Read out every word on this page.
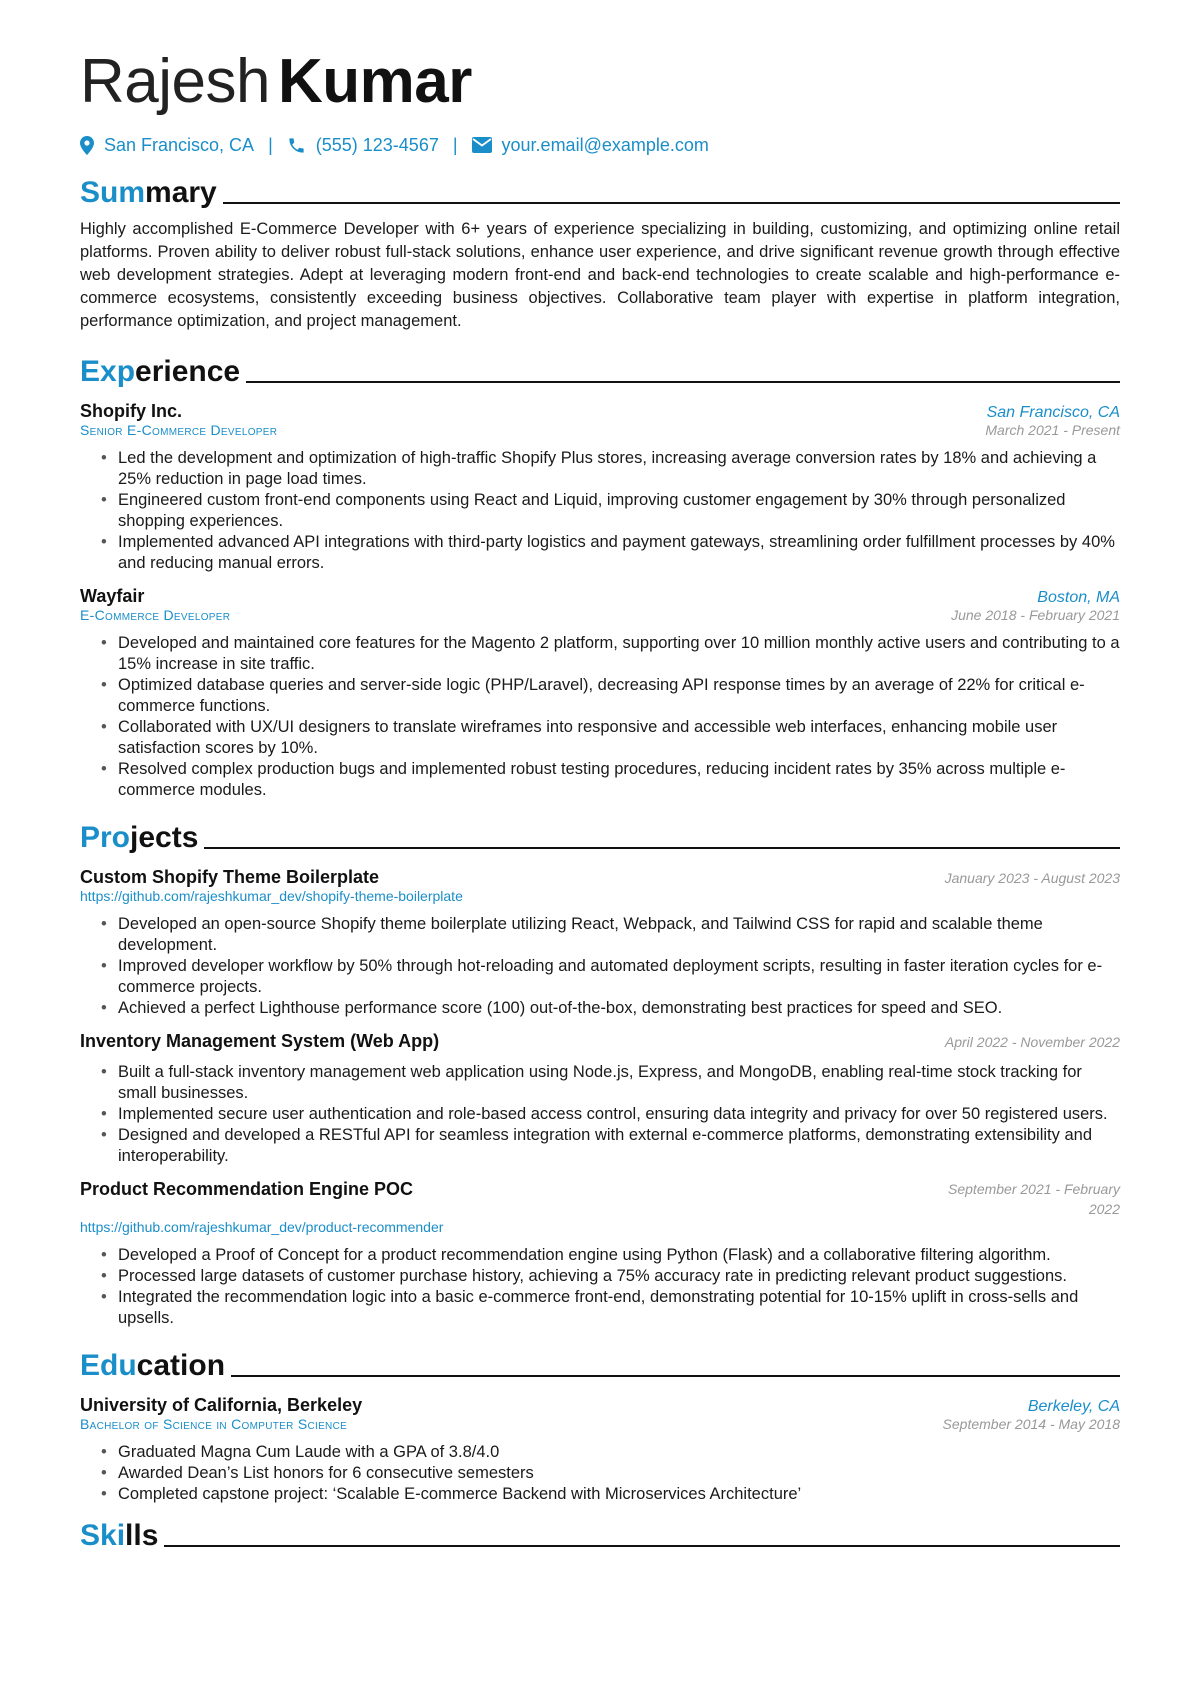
Rajesh Kumar
San Francisco, CA | (555) 123-4567 | your.email@example.com
Summary
Highly accomplished E-Commerce Developer with 6+ years of experience specializing in building, customizing, and optimizing online retail platforms. Proven ability to deliver robust full-stack solutions, enhance user experience, and drive significant revenue growth through effective web development strategies. Adept at leveraging modern front-end and back-end technologies to create scalable and high-performance e-commerce ecosystems, consistently exceeding business objectives. Collaborative team player with expertise in platform integration, performance optimization, and project management.
Experience
Shopify Inc.	San Francisco, CA
Senior E-Commerce Developer	March 2021 - Present
• Led the development and optimization of high-traffic Shopify Plus stores, increasing average conversion rates by 18% and achieving a 25% reduction in page load times.
• Engineered custom front-end components using React and Liquid, improving customer engagement by 30% through personalized shopping experiences.
• Implemented advanced API integrations with third-party logistics and payment gateways, streamlining order fulfillment processes by 40% and reducing manual errors.
Wayfair	Boston, MA
E-Commerce Developer	June 2018 - February 2021
• Developed and maintained core features for the Magento 2 platform, supporting over 10 million monthly active users and contributing to a 15% increase in site traffic.
• Optimized database queries and server-side logic (PHP/Laravel), decreasing API response times by an average of 22% for critical e-commerce functions.
• Collaborated with UX/UI designers to translate wireframes into responsive and accessible web interfaces, enhancing mobile user satisfaction scores by 10%.
• Resolved complex production bugs and implemented robust testing procedures, reducing incident rates by 35% across multiple e-commerce modules.
Projects
Custom Shopify Theme Boilerplate	January 2023 - August 2023
https://github.com/rajeshkumar_dev/shopify-theme-boilerplate
• Developed an open-source Shopify theme boilerplate utilizing React, Webpack, and Tailwind CSS for rapid and scalable theme development.
• Improved developer workflow by 50% through hot-reloading and automated deployment scripts, resulting in faster iteration cycles for e-commerce projects.
• Achieved a perfect Lighthouse performance score (100) out-of-the-box, demonstrating best practices for speed and SEO.
Inventory Management System (Web App)	April 2022 - November 2022
• Built a full-stack inventory management web application using Node.js, Express, and MongoDB, enabling real-time stock tracking for small businesses.
• Implemented secure user authentication and role-based access control, ensuring data integrity and privacy for over 50 registered users.
• Designed and developed a RESTful API for seamless integration with external e-commerce platforms, demonstrating extensibility and interoperability.
Product Recommendation Engine POC	September 2021 - February 2022
https://github.com/rajeshkumar_dev/product-recommender
• Developed a Proof of Concept for a product recommendation engine using Python (Flask) and a collaborative filtering algorithm.
• Processed large datasets of customer purchase history, achieving a 75% accuracy rate in predicting relevant product suggestions.
• Integrated the recommendation logic into a basic e-commerce front-end, demonstrating potential for 10-15% uplift in cross-sells and upsells.
Education
University of California, Berkeley	Berkeley, CA
Bachelor of Science in Computer Science	September 2014 - May 2018
• Graduated Magna Cum Laude with a GPA of 3.8/4.0
• Awarded Dean’s List honors for 6 consecutive semesters
• Completed capstone project: ‘Scalable E-commerce Backend with Microservices Architecture’
Skills
